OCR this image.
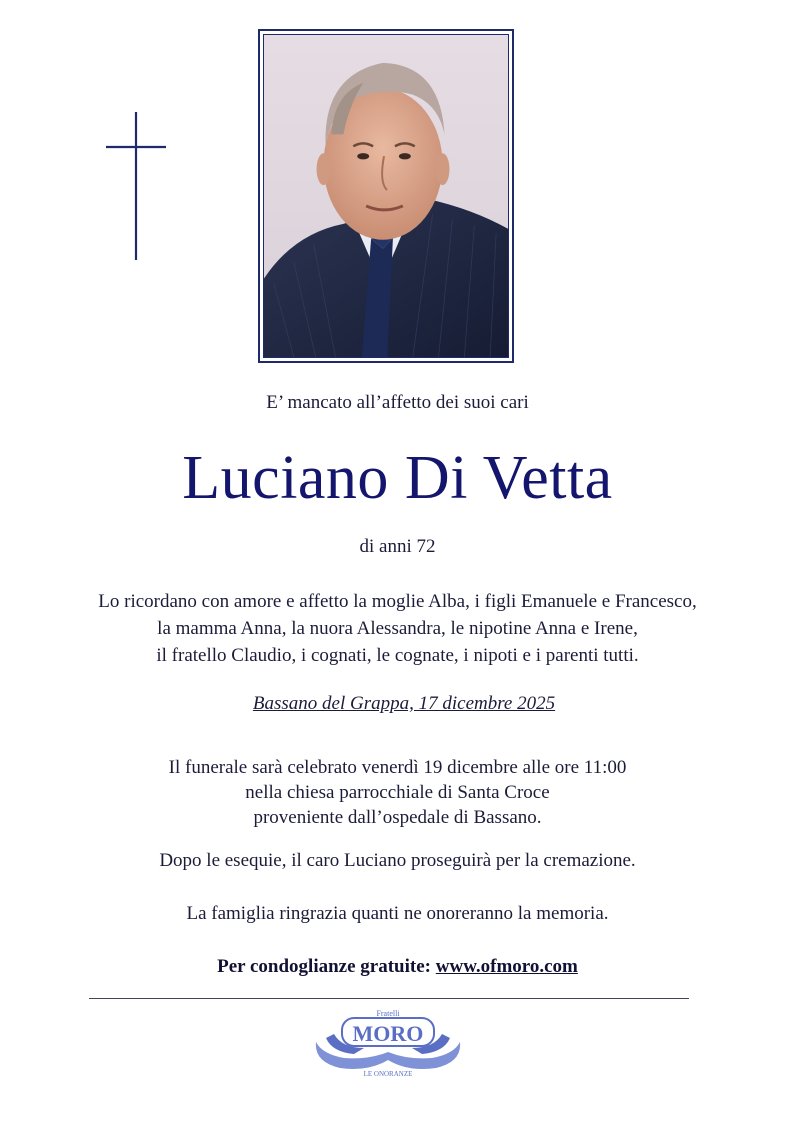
E’ mancato all’affetto dei suoi cari
Luciano Di Vetta
di anni 72
Lo ricordano con amore e affetto la moglie Alba, i figli Emanuele e Francesco,
la mamma Anna, la nuora Alessandra, le nipotine Anna e Irene,
il fratello Claudio, i cognati, le cognate, i nipoti e i parenti tutti.
Bassano del Grappa, 17 dicembre 2025
Il funerale sarà celebrato venerdì 19 dicembre alle ore 11:00
nella chiesa parrocchiale di Santa Croce
proveniente dall’ospedale di Bassano.
Dopo le esequie, il caro Luciano proseguirà per la cremazione.
La famiglia ringrazia quanti ne onoreranno la memoria.
Per condoglianze gratuite: www.ofmoro.com
Fratelli
MORO
LE ONORANZE
